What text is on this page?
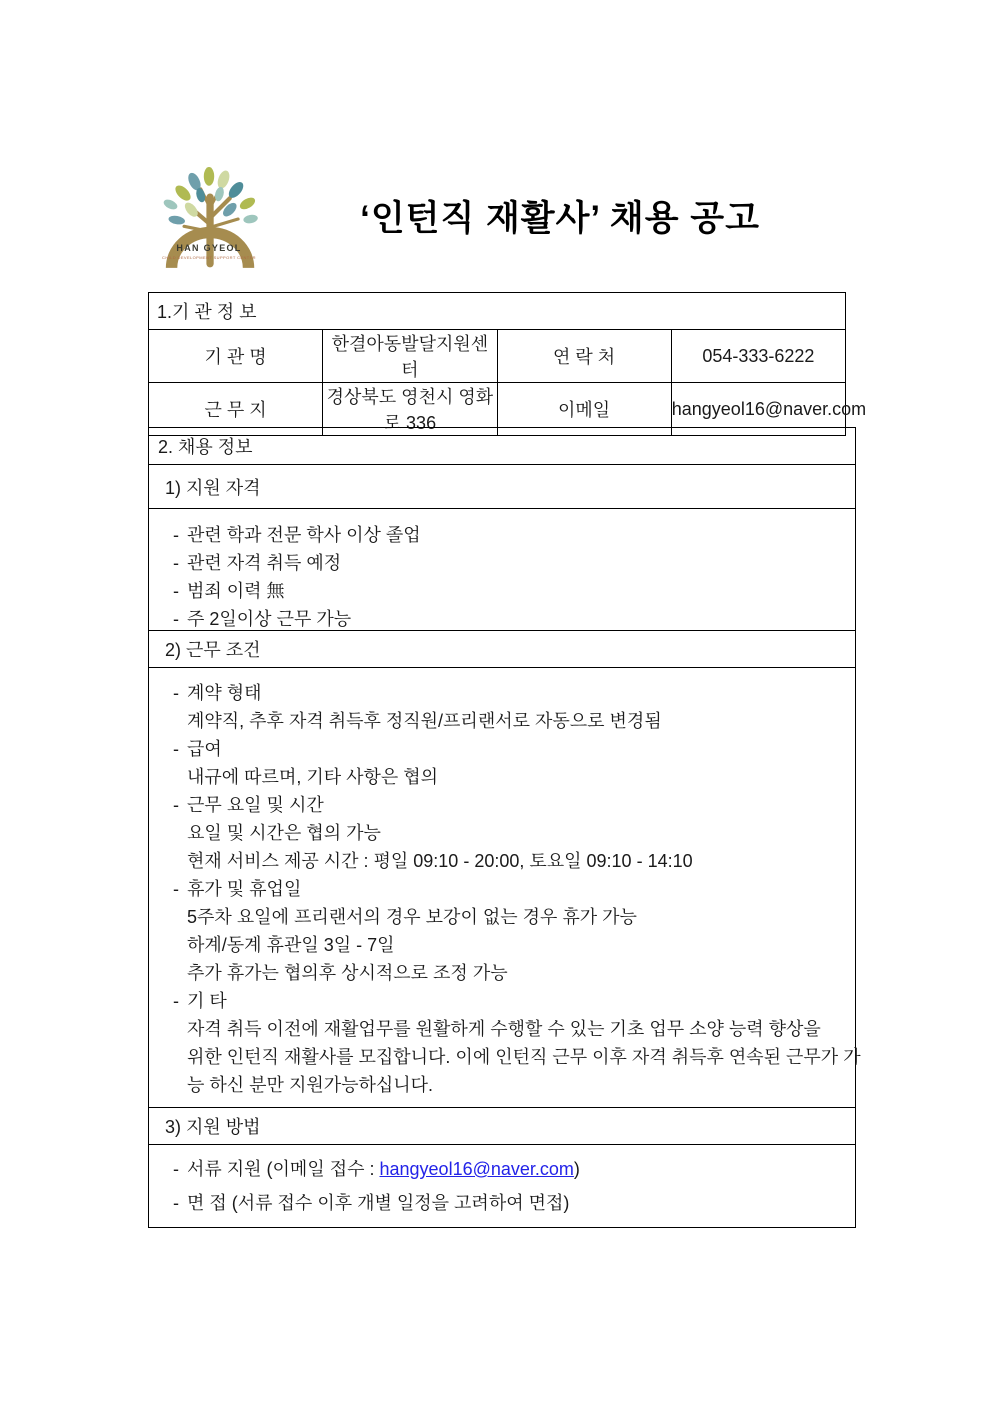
HAN GYEOL
CHILD DEVELOPMENT SUPPORT CENTER
‘인턴직 재활사’ 채용 공고
1.기 관 정 보			
기 관 명	한결아동발달지원센터	연 락 처	054-333-6222
근 무 지	경상북도 영천시 영화로 336	이메일	hangyeol16@naver.com
2. 채용 정보
1) 지원 자격
- 관련 학과 전문 학사 이상 졸업
- 관련 자격 취득 예정
- 범죄 이력 無
- 주 2일이상 근무 가능
2) 근무 조건
- 계약 형태
계약직, 추후 자격 취득후 정직원/프리랜서로 자동으로 변경됨
- 급여
내규에 따르며, 기타 사항은 협의
- 근무 요일 및 시간
요일 및 시간은 협의 가능
현재 서비스 제공 시간 : 평일 09:10 - 20:00, 토요일 09:10 - 14:10
- 휴가 및 휴업일
5주차 요일에 프리랜서의 경우 보강이 없는 경우 휴가 가능
하계/동계 휴관일 3일 - 7일
추가 휴가는 협의후 상시적으로 조정 가능
- 기 타
자격 취득 이전에 재활업무를 원활하게 수행할 수 있는 기초 업무 소양 능력 향상을
위한 인턴직 재활사를 모집합니다. 이에 인턴직 근무 이후 자격 취득후 연속된 근무가 가
능 하신 분만 지원가능하십니다.
3) 지원 방법
- 서류 지원 (이메일 접수 : hangyeol16@naver.com)
- 면 접 (서류 접수 이후 개별 일정을 고려하여 면접)
